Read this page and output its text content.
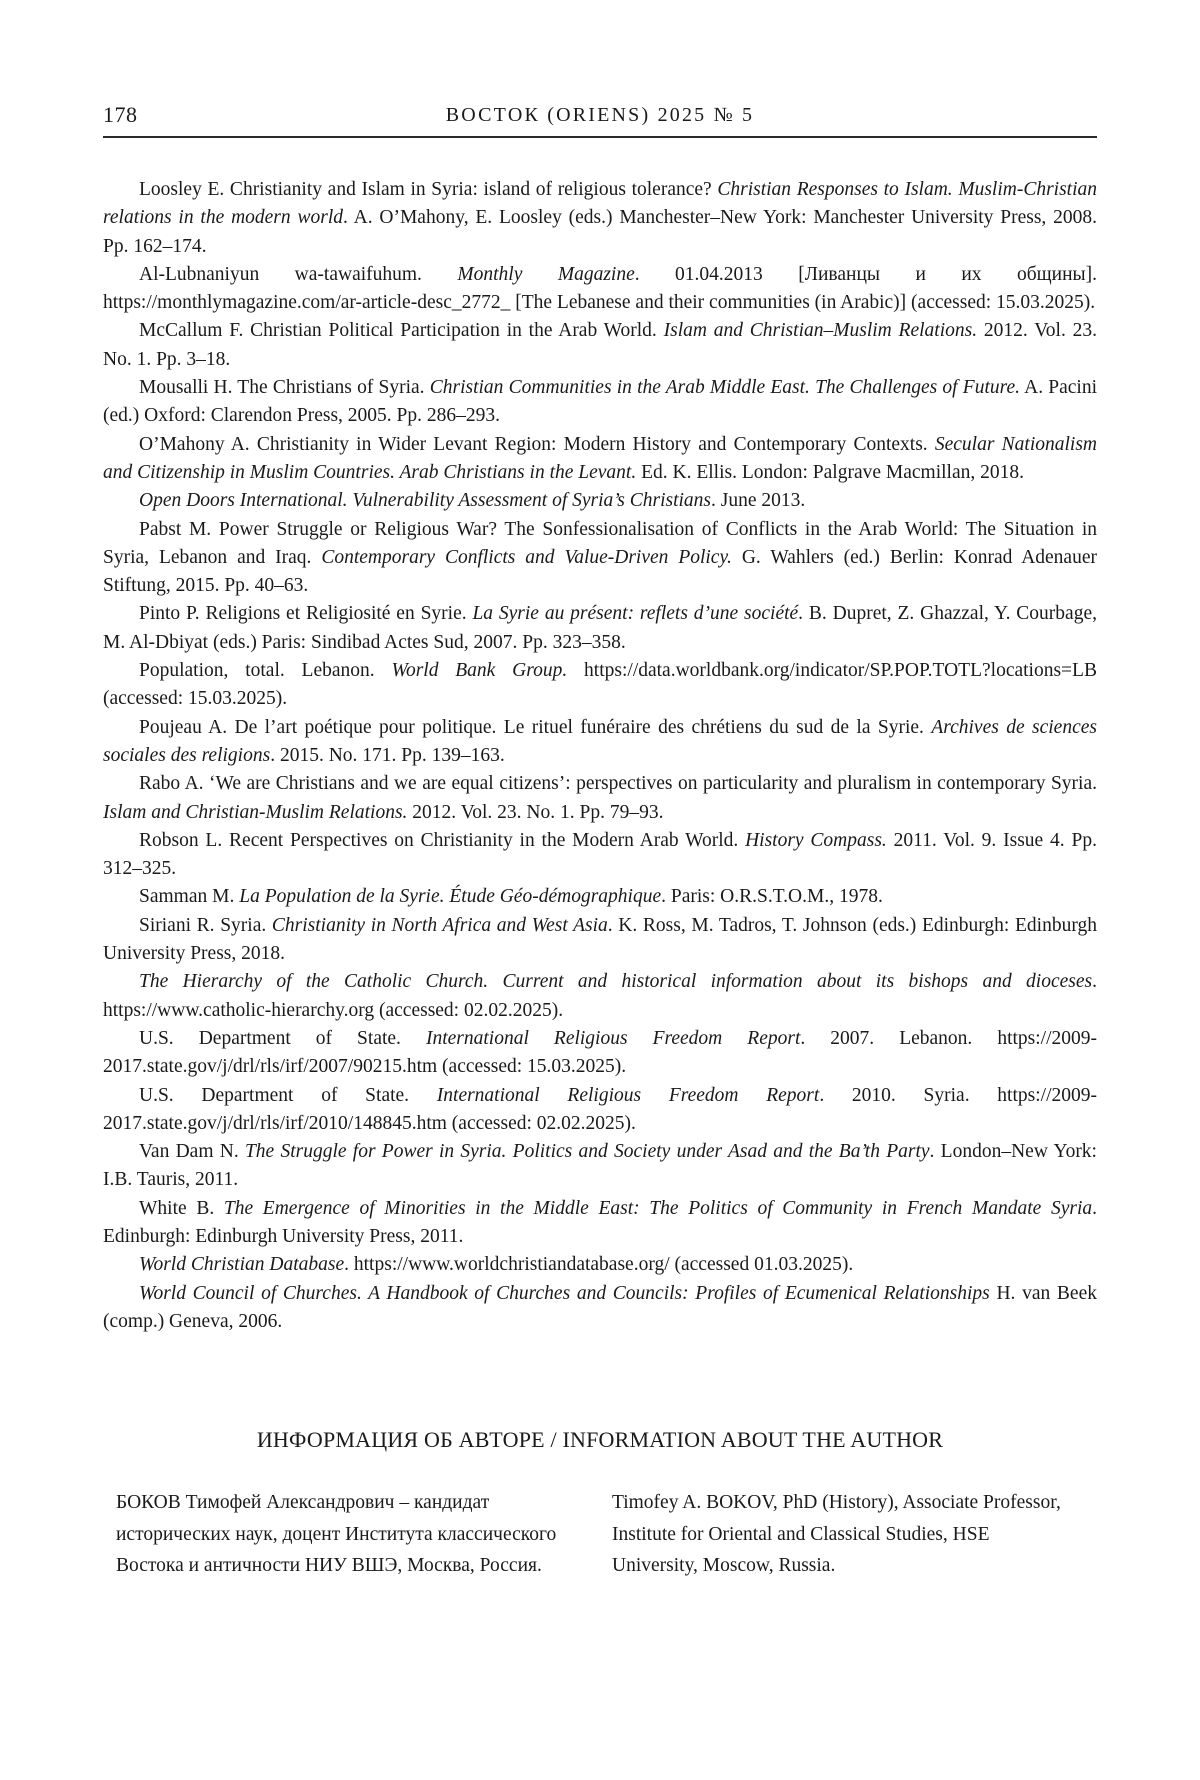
178	ВОСТОК (ORIENS) 2025 № 5

Loosley E. Christianity and Islam in Syria: island of religious tolerance? Christian Responses to Islam. Muslim-Christian relations in the modern world. A. O’Mahony, E. Loosley (eds.) Manchester–New York: Manchester University Press, 2008. Pp. 162–174.

Al-Lubnaniyun wa-tawaifuhum. Monthly Magazine. 01.04.2013 [Ливанцы и их общины]. https://monthlymagazine.com/ar-article-desc_2772_ [The Lebanese and their communities (in Arabic)] (accessed: 15.03.2025).

McCallum F. Christian Political Participation in the Arab World. Islam and Christian–Muslim Relations. 2012. Vol. 23. No. 1. Pp. 3–18.

Mousalli H. The Christians of Syria. Christian Communities in the Arab Middle East. The Challenges of Future. A. Pacini (ed.) Oxford: Clarendon Press, 2005. Pp. 286–293.

O’Mahony A. Christianity in Wider Levant Region: Modern History and Contemporary Contexts. Secular Nationalism and Citizenship in Muslim Countries. Arab Christians in the Levant. Ed. K. Ellis. London: Palgrave Macmillan, 2018.

Open Doors International. Vulnerability Assessment of Syria’s Christians. June 2013.

Pabst M. Power Struggle or Religious War? The Sonfessionalisation of Conflicts in the Arab World: The Situation in Syria, Lebanon and Iraq. Contemporary Conflicts and Value-Driven Policy. G. Wahlers (ed.) Berlin: Konrad Adenauer Stiftung, 2015. Pp. 40–63.

Pinto P. Religions et Religiosité en Syrie. La Syrie au présent: reflets d’une société. B. Dupret, Z. Ghazzal, Y. Courbage, M. Al-Dbiyat (eds.) Paris: Sindibad Actes Sud, 2007. Pp. 323–358.

Population, total. Lebanon. World Bank Group. https://data.worldbank.org/indicator/SP.POP.TOTL?locations=LB (accessed: 15.03.2025).

Poujeau A. De l’art poétique pour politique. Le rituel funéraire des chrétiens du sud de la Syrie. Archives de sciences sociales des religions. 2015. No. 171. Pp. 139–163.

Rabo A. ‘We are Christians and we are equal citizens’: perspectives on particularity and pluralism in contemporary Syria. Islam and Christian-Muslim Relations. 2012. Vol. 23. No. 1. Pp. 79–93.

Robson L. Recent Perspectives on Christianity in the Modern Arab World. History Compass. 2011. Vol. 9. Issue 4. Pp. 312–325.

Samman M. La Population de la Syrie. Étude Géo-démographique. Paris: O.R.S.T.O.M., 1978.

Siriani R. Syria. Christianity in North Africa and West Asia. K. Ross, M. Tadros, T. Johnson (eds.) Edinburgh: Edinburgh University Press, 2018.

The Hierarchy of the Catholic Church. Current and historical information about its bishops and dioceses. https://www.catholic-hierarchy.org (accessed: 02.02.2025).

U.S. Department of State. International Religious Freedom Report. 2007. Lebanon. https://2009-2017.state.gov/j/drl/rls/irf/2007/90215.htm (accessed: 15.03.2025).

U.S. Department of State. International Religious Freedom Report. 2010. Syria. https://2009-2017.state.gov/j/drl/rls/irf/2010/148845.htm (accessed: 02.02.2025).

Van Dam N. The Struggle for Power in Syria. Politics and Society under Asad and the Ba’th Party. London–New York: I.B. Tauris, 2011.

White B. The Emergence of Minorities in the Middle East: The Politics of Community in French Mandate Syria. Edinburgh: Edinburgh University Press, 2011.

World Christian Database. https://www.worldchristiandatabase.org/ (accessed 01.03.2025).

World Council of Churches. A Handbook of Churches and Councils: Profiles of Ecumenical Relationships H. van Beek (comp.) Geneva, 2006.

ИНФОРМАЦИЯ ОБ АВТОРЕ / INFORMATION ABOUT THE AUTHOR
БОКОВ Тимофей Александрович – кандидат исторических наук, доцент Института классического Востока и античности НИУ ВШЭ, Москва, Россия.
Timofey A. BOKOV, PhD (History), Associate Professor, Institute for Oriental and Classical Studies, HSE University, Moscow, Russia.
